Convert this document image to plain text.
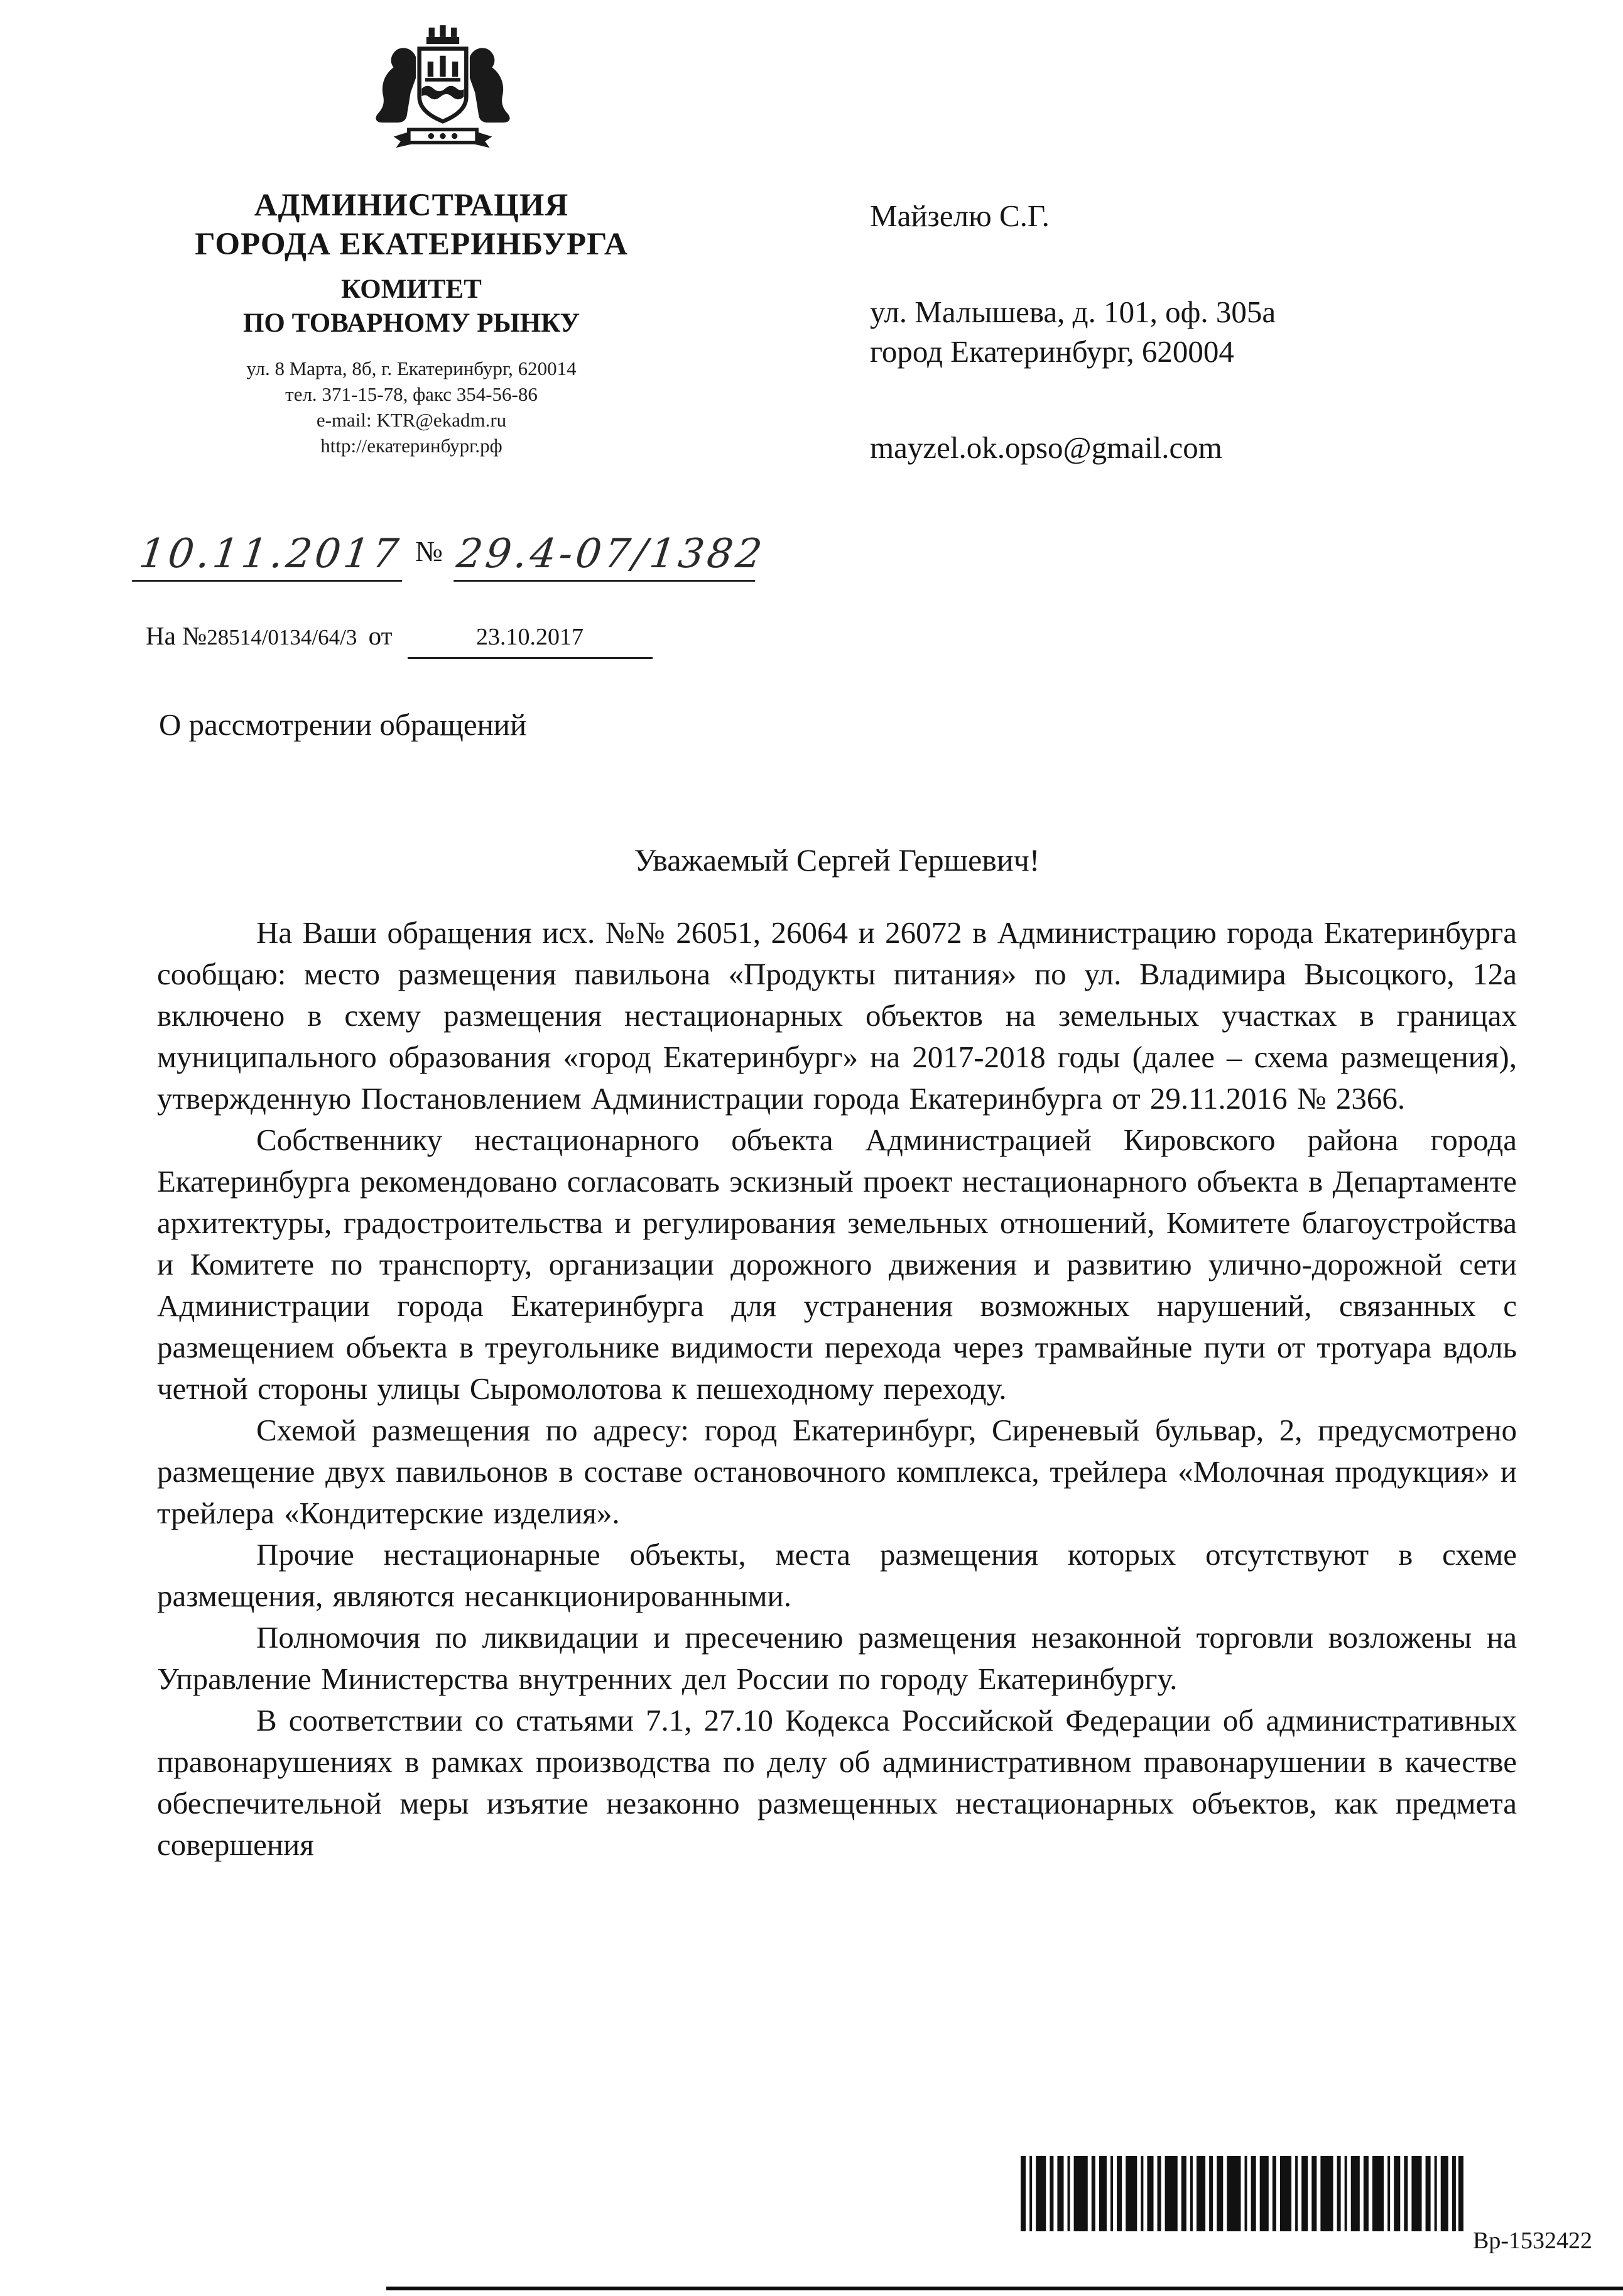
АДМИНИСТРАЦИЯ
ГОРОДА ЕКАТЕРИНБУРГА
КОМИТЕТ
ПО ТОВАРНОМУ РЫНКУ
ул. 8 Марта, 8б, г. Екатеринбург, 620014
тел. 371-15-78, факс 354-56-86
e-mail: KTR@ekadm.ru
http://екатеринбург.рф
Майзелю С.Г.
ул. Малышева, д. 101, оф. 305а
город Екатеринбург, 620004
mayzel.ok.opso@gmail.com
10.11.2017 № 29.4-07/1382
На №28514/0134/64/3 от	23.10.2017
О рассмотрении обращений
Уважаемый Сергей Гершевич!

На Ваши обращения исх. №№ 26051, 26064 и 26072 в Администрацию города Екатеринбурга сообщаю: место размещения павильона «Продукты питания» по ул. Владимира Высоцкого, 12а включено в схему размещения нестационарных объектов на земельных участках в границах муниципального образования «город Екатеринбург» на 2017-2018 годы (далее – схема размещения), утвержденную Постановлением Администрации города Екатеринбурга от 29.11.2016 № 2366.

Собственнику нестационарного объекта Администрацией Кировского района города Екатеринбурга рекомендовано согласовать эскизный проект нестационарного объекта в Департаменте архитектуры, градостроительства и регулирования земельных отношений, Комитете благоустройства и Комитете по транспорту, организации дорожного движения и развитию улично-дорожной сети Администрации города Екатеринбурга для устранения возможных нарушений, связанных с размещением объекта в треугольнике видимости перехода через трамвайные пути от тротуара вдоль четной стороны улицы Сыромолотова к пешеходному переходу.

Схемой размещения по адресу: город Екатеринбург, Сиреневый бульвар, 2, предусмотрено размещение двух павильонов в составе остановочного комплекса, трейлера «Молочная продукция» и трейлера «Кондитерские изделия».

Прочие нестационарные объекты, места размещения которых отсутствуют в схеме размещения, являются несанкционированными.

Полномочия по ликвидации и пресечению размещения незаконной торговли возложены на Управление Министерства внутренних дел России по городу Екатеринбургу.

В соответствии со статьями 7.1, 27.10 Кодекса Российской Федерации об административных правонарушениях в рамках производства по делу об административном правонарушении в качестве обеспечительной меры изъятие незаконно размещенных нестационарных объектов, как предмета совершения

Вр-1532422
